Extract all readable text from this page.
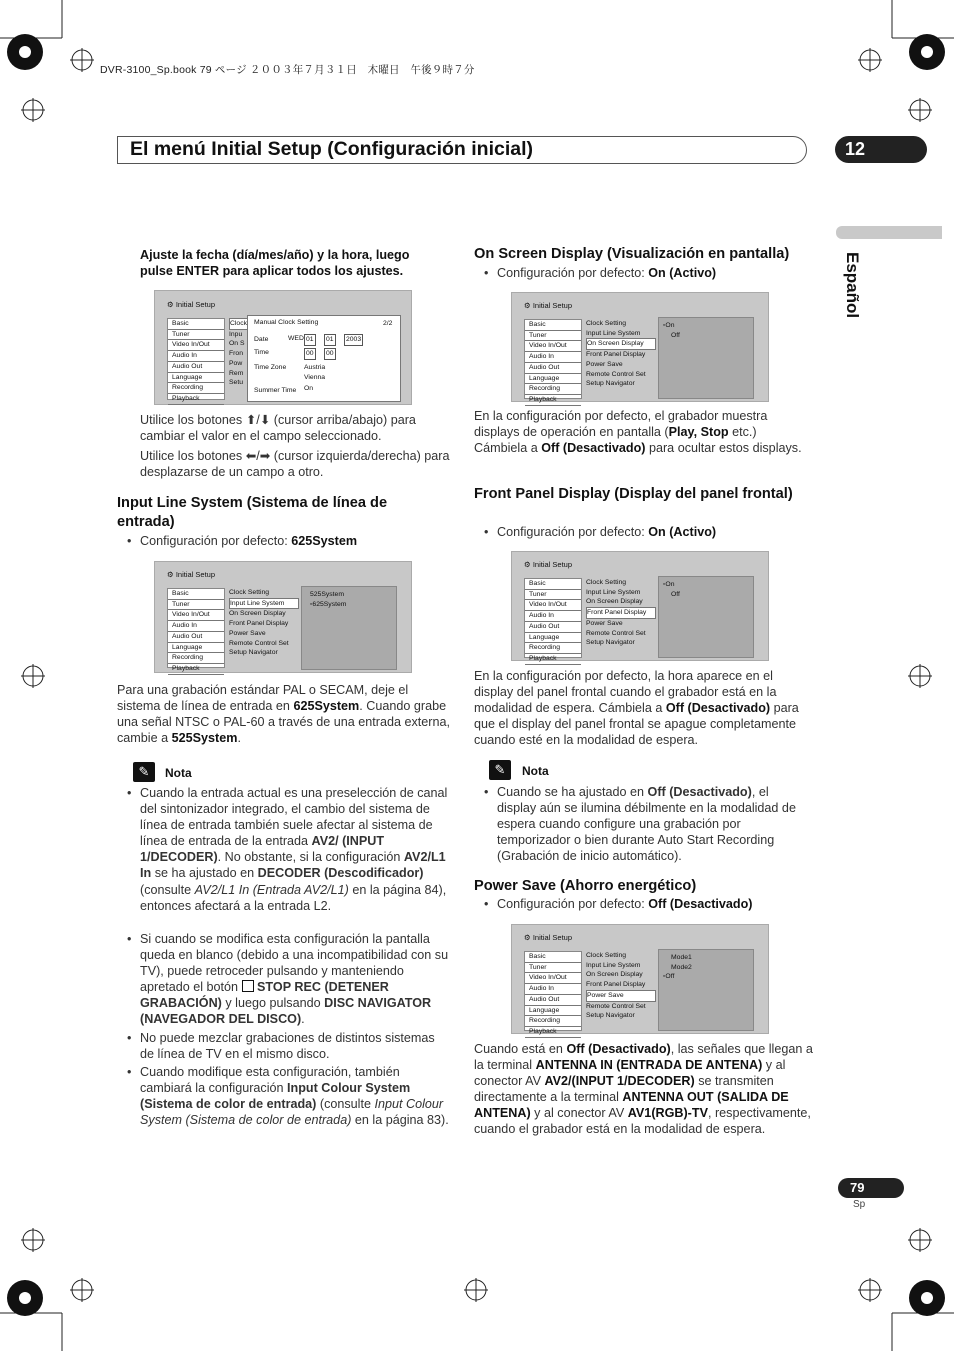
DVR-3100_Sp.book 79 ページ ２００３年７月３１日　木曜日　午後９時７分
El menú Initial Setup (Configuración inicial)	12
Español
Ajuste la fecha (día/mes/año) y la hora, luego pulse ENTER para aplicar todos los ajustes.
⚙ Initial Setup
Basic
Tuner
Video In/Out
Audio In
Audio Out
Language
Recording
Playback
Clock
Inpu
On S
Fron
Pow
Rem
Setu
Manual Clock Setting	2/2
Date	WED 01 01 2003
Time	00 00
Time Zone	Austria
Vienna
Summer Time On
Utilice los botones ⬆/⬇ (cursor arriba/abajo) para cambiar el valor en el campo seleccionado.
Utilice los botones ⬅/➡ (cursor izquierda/derecha) para desplazarse de un campo a otro.
Input Line System (Sistema de línea de entrada)
• Configuración por defecto: 625System
⚙ Initial Setup
Basic
Tuner
Video In/Out
Audio In
Audio Out
Language
Recording
Playback
Clock Setting
Input Line System
On Screen Display
Front Panel Display
Power Save
Remote Control Set
Setup Navigator
525System
▫625System
Para una grabación estándar PAL o SECAM, deje el sistema de línea de entrada en 625System. Cuando grabe una señal NTSC o PAL-60 a través de una entrada externa, cambie a 525System.
✎	Nota
• Cuando la entrada actual es una preselección de canal del sintonizador integrado, el cambio del sistema de línea de entrada también suele afectar al sistema de línea de entrada de la entrada AV2/ (INPUT 1/DECODER). No obstante, si la configuración AV2/L1 In se ha ajustado en DECODER (Descodificador) (consulte AV2/L1 In (Entrada AV2/L1) en la página 84), entonces afectará a la entrada L2.
• Si cuando se modifica esta configuración la pantalla queda en blanco (debido a una incompatibilidad con su TV), puede retroceder pulsando y manteniendo apretado el botón  STOP REC (DETENER GRABACIÓN) y luego pulsando DISC NAVIGATOR (NAVEGADOR DEL DISCO).
• No puede mezclar grabaciones de distintos sistemas de línea de TV en el mismo disco.
• Cuando modifique esta configuración, también cambiará la configuración Input Colour System (Sistema de color de entrada) (consulte Input Colour System (Sistema de color de entrada) en la página 83).
On Screen Display (Visualización en pantalla)
• Configuración por defecto: On (Activo)
⚙ Initial Setup
Basic
Tuner
Video In/Out
Audio In
Audio Out
Language
Recording
Playback
Clock Setting
Input Line System
On Screen Display
Front Panel Display
Power Save
Remote Control Set
Setup Navigator
▫On
Off
En la configuración por defecto, el grabador muestra displays de operación en pantalla (Play, Stop etc.) Cámbiela a Off (Desactivado) para ocultar estos displays.
Front Panel Display (Display del panel frontal)
• Configuración por defecto: On (Activo)
⚙ Initial Setup
Basic
Tuner
Video In/Out
Audio In
Audio Out
Language
Recording
Playback
Clock Setting
Input Line System
On Screen Display
Front Panel Display
Power Save
Remote Control Set
Setup Navigator
▫On
Off
En la configuración por defecto, la hora aparece en el display del panel frontal cuando el grabador está en la modalidad de espera. Cámbiela a Off (Desactivado) para que el display del panel frontal se apague completamente cuando esté en la modalidad de espera.
✎	Nota
• Cuando se ha ajustado en Off (Desactivado), el display aún se ilumina débilmente en la modalidad de espera cuando configure una grabación por temporizador o bien durante Auto Start Recording (Grabación de inicio automático).
Power Save (Ahorro energético)
• Configuración por defecto: Off (Desactivado)
⚙ Initial Setup
Basic
Tuner
Video In/Out
Audio In
Audio Out
Language
Recording
Playback
Clock Setting
Input Line System
On Screen Display
Front Panel Display
Power Save
Remote Control Set
Setup Navigator
Mode1
Mode2
▫Off
Cuando está en Off (Desactivado), las señales que llegan a la terminal ANTENNA IN (ENTRADA DE ANTENA) y al conector AV AV2/(INPUT 1/DECODER) se transmiten directamente a la terminal ANTENNA OUT (SALIDA DE ANTENA) y al conector AV AV1(RGB)-TV, respectivamente, cuando el grabador está en la modalidad de espera.
79
Sp
